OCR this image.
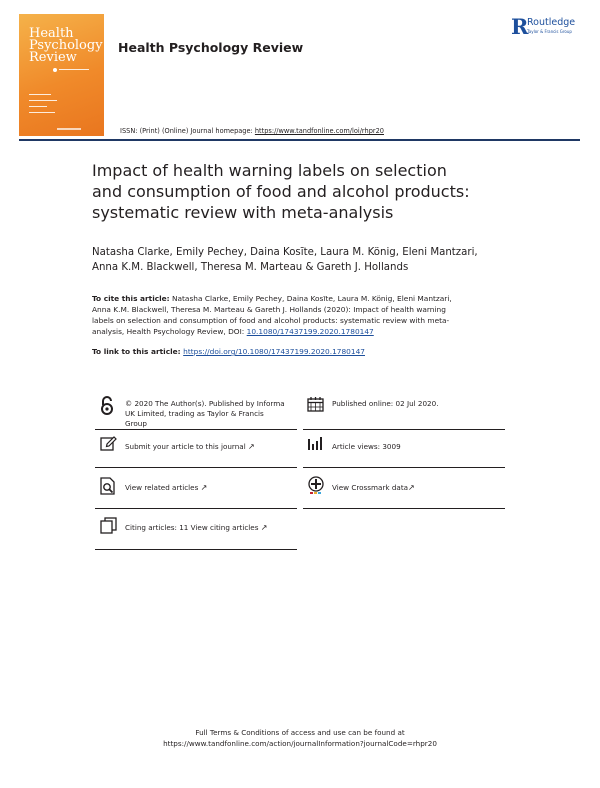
Health
Psychology
Review
Health Psychology Review
R
Routledge
Taylor & Francis Group
ISSN: (Print) (Online) Journal homepage: https://www.tandfonline.com/loi/rhpr20
Impact of health warning labels on selection
and consumption of food and alcohol products:
systematic review with meta-analysis
Natasha Clarke, Emily Pechey, Daina Kosīte, Laura M. König, Eleni Mantzari,
Anna K.M. Blackwell, Theresa M. Marteau & Gareth J. Hollands
To cite this article: Natasha Clarke, Emily Pechey, Daina Kosīte, Laura M. König, Eleni Mantzari,
Anna K.M. Blackwell, Theresa M. Marteau & Gareth J. Hollands (2020): Impact of health warning
labels on selection and consumption of food and alcohol products: systematic review with meta-
analysis, Health Psychology Review, DOI: 10.1080/17437199.2020.1780147
To link to this article: https://doi.org/10.1080/17437199.2020.1780147
© 2020 The Author(s). Published by Informa
UK Limited, trading as Taylor & Francis
Group
Published online: 02 Jul 2020.
Submit your article to this journal ↗	Article views: 3009
View related articles ↗	View Crossmark data↗
Citing articles: 11 View citing articles ↗
Full Terms & Conditions of access and use can be found at
https://www.tandfonline.com/action/journalInformation?journalCode=rhpr20
